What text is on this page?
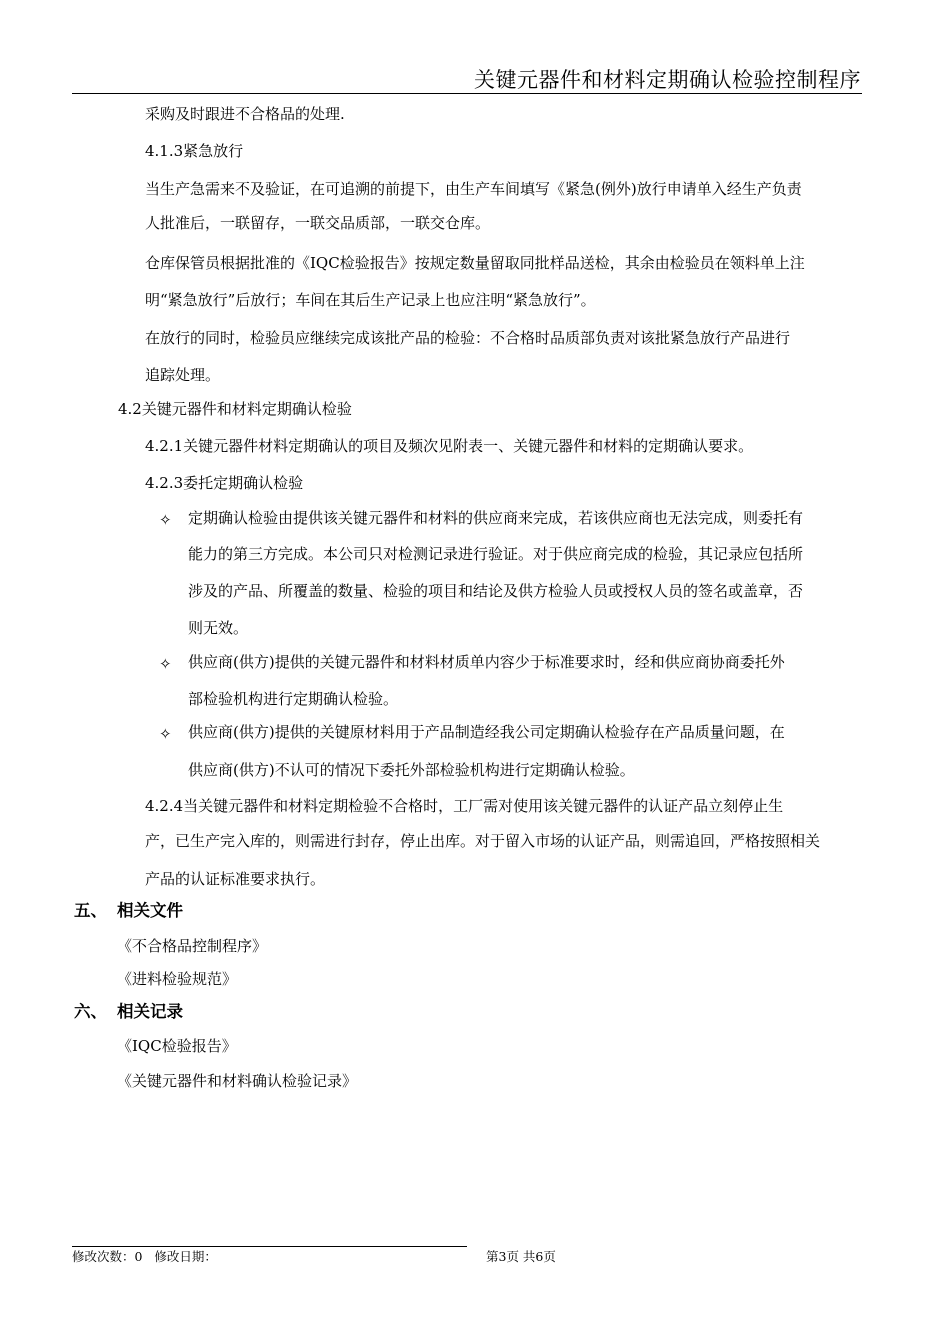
关键元器件和材料定期确认检验控制程序
采购及时跟进不合格品的处理.
4.1.3紧急放行
当生产急需来不及验证，在可追溯的前提下，由生产车间填写《紧急(例外)放行申请单入经生产负责
人批准后，一联留存，一联交品质部，一联交仓库。
仓库保管员根据批准的《IQC检验报告》按规定数量留取同批样品送检，其余由检验员在领料单上注
明“紧急放行”后放行；车间在其后生产记录上也应注明“紧急放行”。
在放行的同时，检验员应继续完成该批产品的检验：不合格时品质部负责对该批紧急放行产品进行
追踪处理。
4.2关键元器件和材料定期确认检验
4.2.1关键元器件材料定期确认的项目及频次见附表一、关键元器件和材料的定期确认要求。
4.2.3委托定期确认检验
✧ 定期确认检验由提供该关键元器件和材料的供应商来完成，若该供应商也无法完成，则委托有
能力的第三方完成。本公司只对检测记录进行验证。对于供应商完成的检验，其记录应包括所
涉及的产品、所覆盖的数量、检验的项目和结论及供方检验人员或授权人员的签名或盖章，否
则无效。
✧ 供应商(供方)提供的关键元器件和材料材质单内容少于标准要求时，经和供应商协商委托外
部检验机构进行定期确认检验。
✧ 供应商(供方)提供的关键原材料用于产品制造经我公司定期确认检验存在产品质量问题，在
供应商(供方)不认可的情况下委托外部检验机构进行定期确认检验。
4.2.4当关键元器件和材料定期检验不合格时，工厂需对使用该关键元器件的认证产品立刻停止生
产，已生产完入库的，则需进行封存，停止出库。对于留入市场的认证产品，则需追回，严格按照相关
产品的认证标准要求执行。
五、 相关文件
《不合格品控制程序》
《进料检验规范》
六、 相关记录
《IQC检验报告》
《关键元器件和材料确认检验记录》
修改次数：0   修改日期：	第3页 共6页
